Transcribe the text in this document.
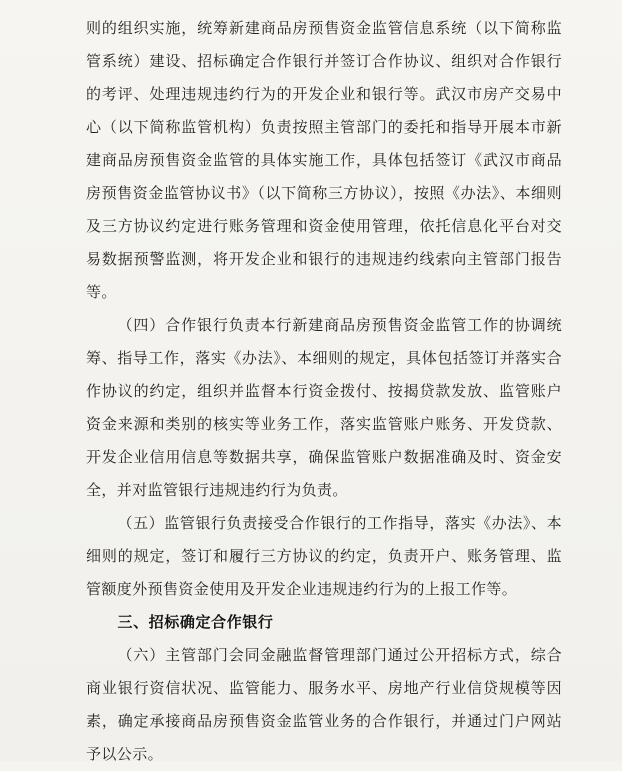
则的组织实施，统筹新建商品房预售资金监管信息系统（以下简称监管系统）建设、招标确定合作银行并签订合作协议、组织对合作银行的考评、处理违规违约行为的开发企业和银行等。武汉市房产交易中心（以下简称监管机构）负责按照主管部门的委托和指导开展本市新建商品房预售资金监管的具体实施工作，具体包括签订《武汉市商品房预售资金监管协议书》（以下简称三方协议），按照《办法》、本细则及三方协议约定进行账务管理和资金使用管理，依托信息化平台对交易数据预警监测，将开发企业和银行的违规违约线索向主管部门报告等。

（四）合作银行负责本行新建商品房预售资金监管工作的协调统筹、指导工作，落实《办法》、本细则的规定，具体包括签订并落实合作协议的约定，组织并监督本行资金拨付、按揭贷款发放、监管账户资金来源和类别的核实等业务工作，落实监管账户账务、开发贷款、开发企业信用信息等数据共享，确保监管账户数据准确及时、资金安全，并对监管银行违规违约行为负责。

（五）监管银行负责接受合作银行的工作指导，落实《办法》、本细则的规定，签订和履行三方协议的约定，负责开户、账务管理、监管额度外预售资金使用及开发企业违规违约行为的上报工作等。

三、招标确定合作银行

（六）主管部门会同金融监督管理部门通过公开招标方式，综合商业银行资信状况、监管能力、服务水平、房地产行业信贷规模等因素，确定承接商品房预售资金监管业务的合作银行，并通过门户网站予以公示。
